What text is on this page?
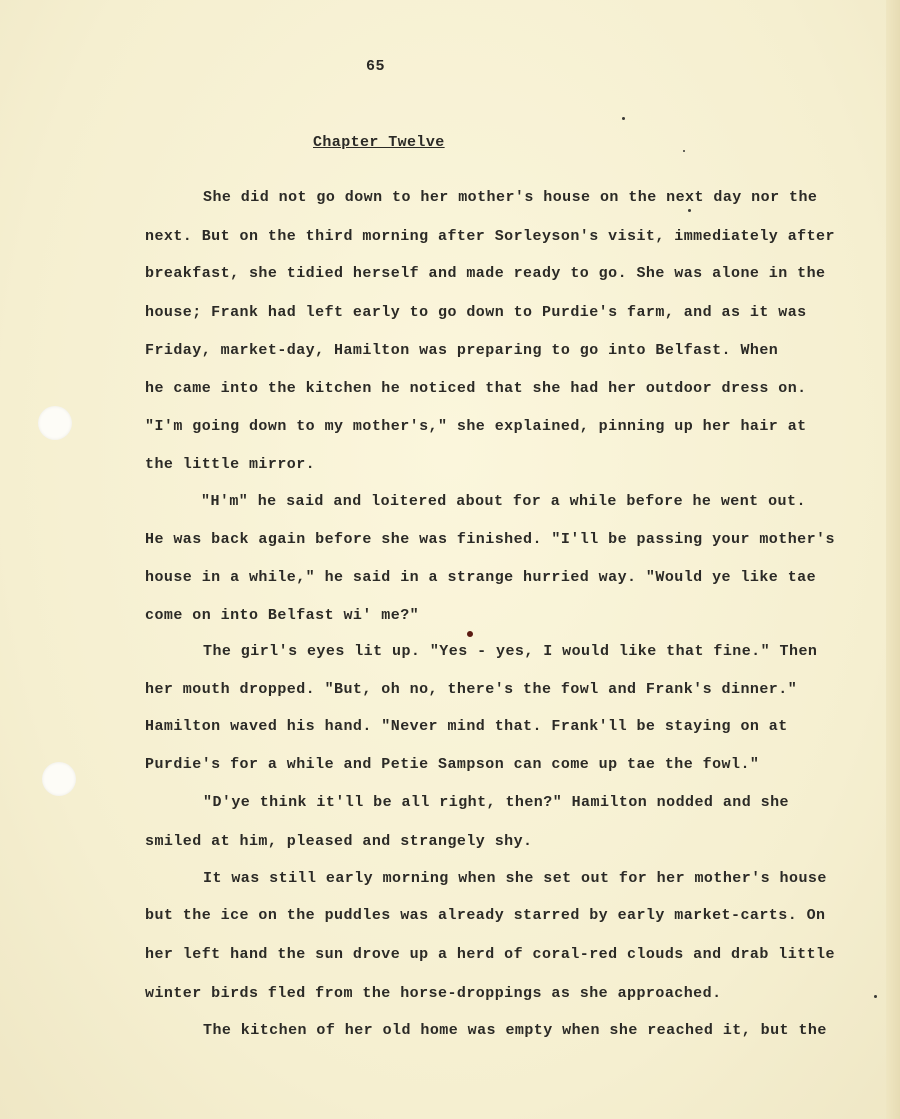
65
Chapter Twelve
She did not go down to her mother's house on the next day nor the
next. But on the third morning after Sorleyson's visit, immediately after
breakfast, she tidied herself and made ready to go. She was alone in the
house; Frank had left early to go down to Purdie's farm, and as it was
Friday, market-day, Hamilton was preparing to go into Belfast. When
he came into the kitchen he noticed that she had her outdoor dress on.
"I'm going down to my mother's," she explained, pinning up her hair at
the little mirror.
"H'm" he said and loitered about for a while before he went out.
He was back again before she was finished. "I'll be passing your mother's
house in a while," he said in a strange hurried way. "Would ye like tae
come on into Belfast wi' me?"
The girl's eyes lit up. "Yes - yes, I would like that fine." Then
her mouth dropped. "But, oh no, there's the fowl and Frank's dinner."
Hamilton waved his hand. "Never mind that. Frank'll be staying on at
Purdie's for a while and Petie Sampson can come up tae the fowl."
"D'ye think it'll be all right, then?" Hamilton nodded and she
smiled at him, pleased and strangely shy.
It was still early morning when she set out for her mother's house
but the ice on the puddles was already starred by early market-carts. On
her left hand the sun drove up a herd of coral-red clouds and drab little
winter birds fled from the horse-droppings as she approached.
The kitchen of her old home was empty when she reached it, but the
